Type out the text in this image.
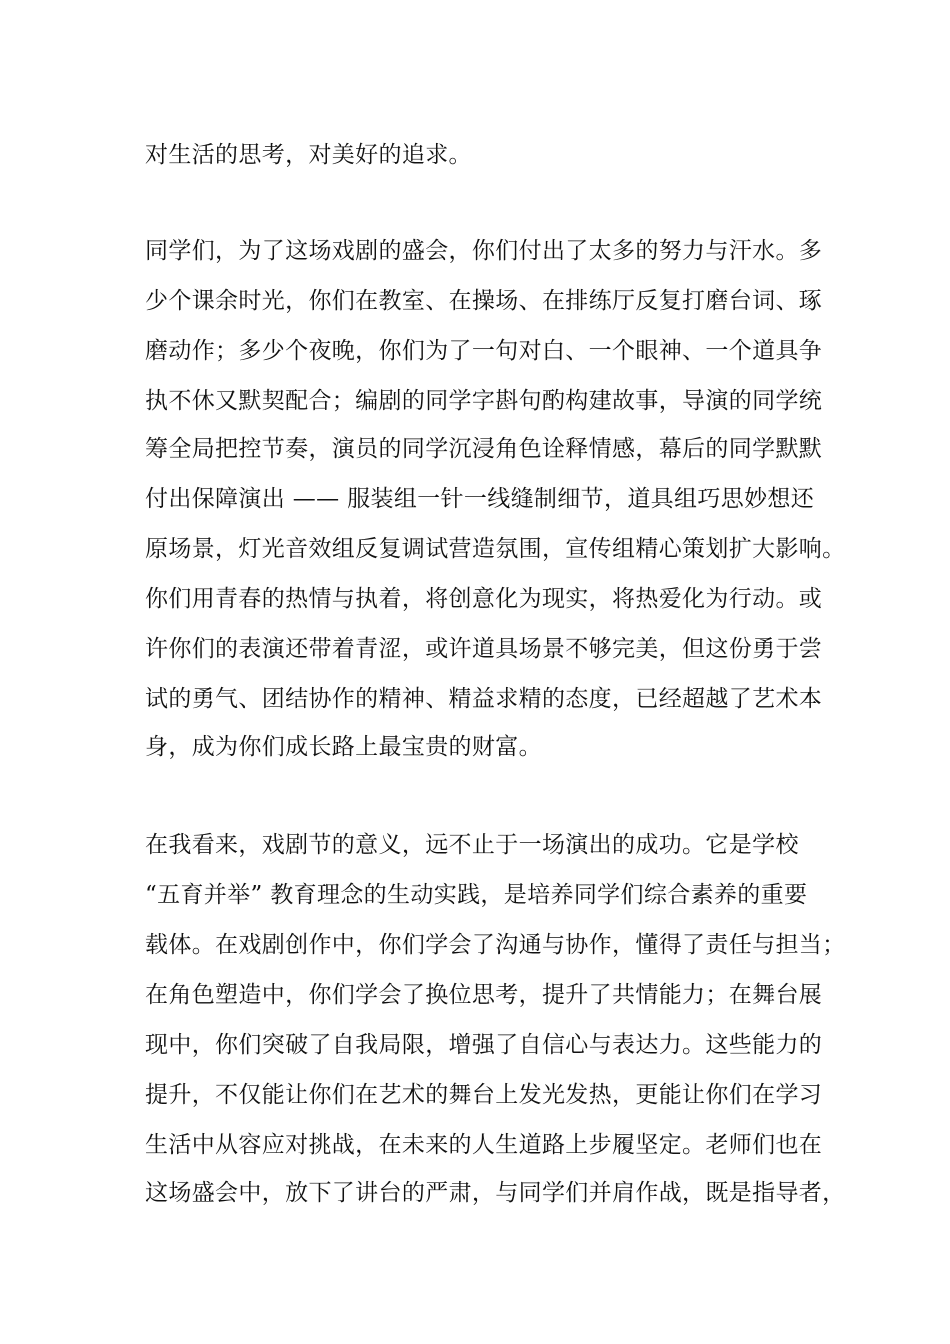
对生活的思考，对美好的追求。
同学们，为了这场戏剧的盛会，你们付出了太多的努力与汗水。多
少个课余时光，你们在教室、在操场、在排练厅反复打磨台词、琢
磨动作；多少个夜晚，你们为了一句对白、一个眼神、一个道具争
执不休又默契配合；编剧的同学字斟句酌构建故事，导演的同学统
筹全局把控节奏，演员的同学沉浸角色诠释情感，幕后的同学默默
付出保障演出 —— 服装组一针一线缝制细节，道具组巧思妙想还
原场景，灯光音效组反复调试营造氛围，宣传组精心策划扩大影响。
你们用青春的热情与执着，将创意化为现实，将热爱化为行动。或
许你们的表演还带着青涩，或许道具场景不够完美，但这份勇于尝
试的勇气、团结协作的精神、精益求精的态度，已经超越了艺术本
身，成为你们成长路上最宝贵的财富。
在我看来，戏剧节的意义，远不止于一场演出的成功。它是学校
“五育并举” 教育理念的生动实践，是培养同学们综合素养的重要
载体。在戏剧创作中，你们学会了沟通与协作，懂得了责任与担当；
在角色塑造中，你们学会了换位思考，提升了共情能力；在舞台展
现中，你们突破了自我局限，增强了自信心与表达力。这些能力的
提升，不仅能让你们在艺术的舞台上发光发热，更能让你们在学习
生活中从容应对挑战，在未来的人生道路上步履坚定。老师们也在
这场盛会中，放下了讲台的严肃，与同学们并肩作战，既是指导者，
